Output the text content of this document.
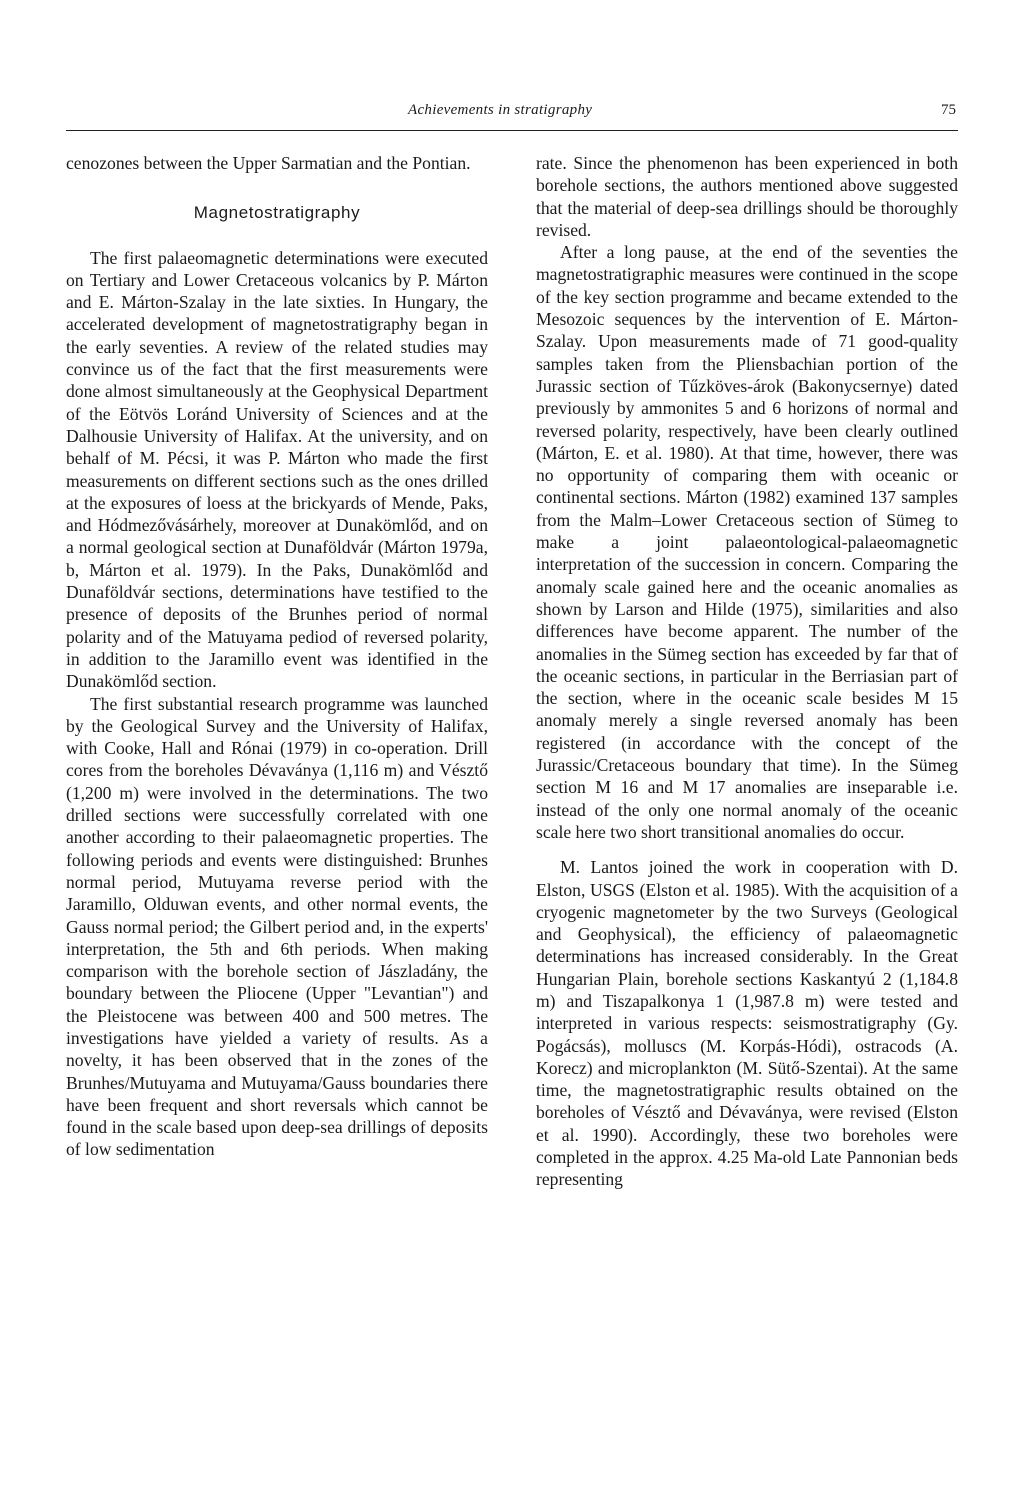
Achievements in stratigraphy	75

cenozones between the Upper Sarmatian and the Pontian.

Magnetostratigraphy

The first palaeomagnetic determinations were executed on Tertiary and Lower Cretaceous volcanics by P. Márton and E. Márton-Szalay in the late sixties. In Hungary, the accelerated development of magnetostratigraphy began in the early seventies. A review of the related studies may convince us of the fact that the first measurements were done almost simultaneously at the Geophysical Department of the Eötvös Loránd University of Sciences and at the Dalhousie University of Halifax. At the university, and on behalf of M. Pécsi, it was P. Márton who made the first measurements on different sections such as the ones drilled at the exposures of loess at the brickyards of Mende, Paks, and Hódmezővásárhely, moreover at Dunakömlőd, and on a normal geological section at Dunaföldvár (Márton 1979a, b, Márton et al. 1979). In the Paks, Dunakömlőd and Dunaföldvár sections, determinations have testified to the presence of deposits of the Brunhes period of normal polarity and of the Matuyama pediod of reversed polarity, in addition to the Jaramillo event was identified in the Dunakömlőd section.

The first substantial research programme was launched by the Geological Survey and the University of Halifax, with Cooke, Hall and Rónai (1979) in co-operation. Drill cores from the boreholes Dévaványa (1,116 m) and Vésztő (1,200 m) were involved in the determinations. The two drilled sections were successfully correlated with one another according to their palaeomagnetic properties. The following periods and events were distinguished: Brunhes normal period, Mutuyama reverse period with the Jaramillo, Olduwan events, and other normal events, the Gauss normal period; the Gilbert period and, in the experts' interpretation, the 5th and 6th periods. When making comparison with the borehole section of Jászladány, the boundary between the Pliocene (Upper "Levantian") and the Pleistocene was between 400 and 500 metres. The investigations have yielded a variety of results. As a novelty, it has been observed that in the zones of the Brunhes/Mutuyama and Mutuyama/Gauss boundaries there have been frequent and short reversals which cannot be found in the scale based upon deep-sea drillings of deposits of low sedimentation

rate. Since the phenomenon has been experienced in both borehole sections, the authors mentioned above suggested that the material of deep-sea drillings should be thoroughly revised.

After a long pause, at the end of the seventies the magnetostratigraphic measures were continued in the scope of the key section programme and became extended to the Mesozoic sequences by the intervention of E. Márton-Szalay. Upon measurements made of 71 good-quality samples taken from the Pliensbachian portion of the Jurassic section of Tűzköves-árok (Bakonycsernye) dated previously by ammonites 5 and 6 horizons of normal and reversed polarity, respectively, have been clearly outlined (Márton, E. et al. 1980). At that time, however, there was no opportunity of comparing them with oceanic or continental sections. Márton (1982) examined 137 samples from the Malm–Lower Cretaceous section of Sümeg to make a joint palaeontological-palaeomagnetic interpretation of the succession in concern. Comparing the anomaly scale gained here and the oceanic anomalies as shown by Larson and Hilde (1975), similarities and also differences have become apparent. The number of the anomalies in the Sümeg section has exceeded by far that of the oceanic sections, in particular in the Berriasian part of the section, where in the oceanic scale besides M 15 anomaly merely a single reversed anomaly has been registered (in accordance with the concept of the Jurassic/Cretaceous boundary that time). In the Sümeg section M 16 and M 17 anomalies are inseparable i.e. instead of the only one normal anomaly of the oceanic scale here two short transitional anomalies do occur.

M. Lantos joined the work in cooperation with D. Elston, USGS (Elston et al. 1985). With the acquisition of a cryogenic magnetometer by the two Surveys (Geological and Geophysical), the efficiency of palaeomagnetic determinations has increased considerably. In the Great Hungarian Plain, borehole sections Kaskantyú 2 (1,184.8 m) and Tiszapalkonya 1 (1,987.8 m) were tested and interpreted in various respects: seismostratigraphy (Gy. Pogácsás), molluscs (M. Korpás-Hódi), ostracods (A. Korecz) and microplankton (M. Sütő-Szentai). At the same time, the magnetostratigraphic results obtained on the boreholes of Vésztő and Dévaványa, were revised (Elston et al. 1990). Accordingly, these two boreholes were completed in the approx. 4.25 Ma-old Late Pannonian beds representing
